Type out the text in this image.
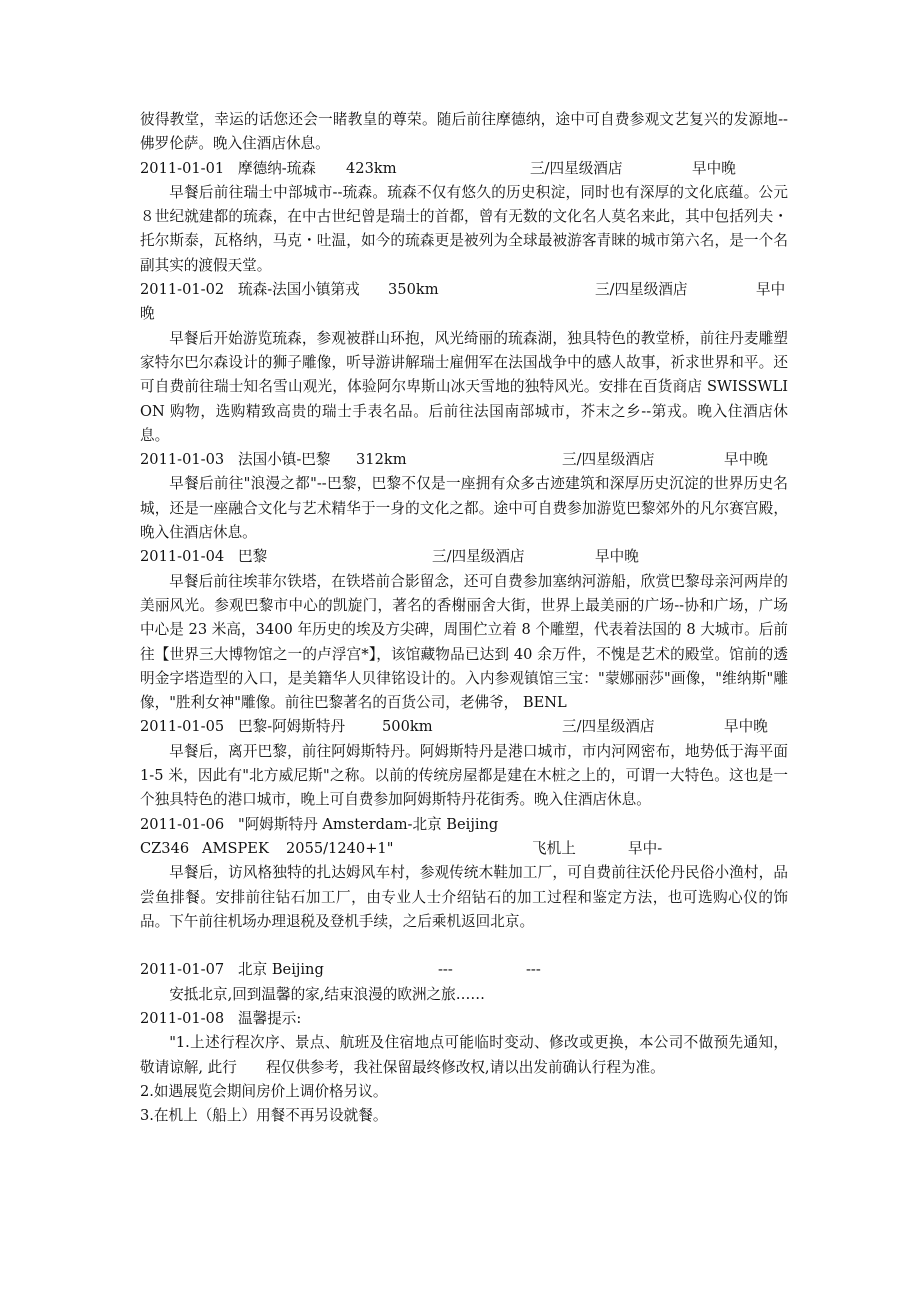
彼得教堂，幸运的话您还会一睹教皇的尊荣。随后前往摩德纳，途中可自费参观文艺复兴的发源地--佛罗伦萨。晚入住酒店休息。

2011-01-01 摩德纳-琉森 423km	三/四星级酒店	早中晚

早餐后前往瑞士中部城市--琉森。琉森不仅有悠久的历史积淀，同时也有深厚的文化底蕴。公元８世纪就建都的琉森，在中古世纪曾是瑞士的首都，曾有无数的文化名人莫名来此，其中包括列夫・托尔斯泰，瓦格纳，马克・吐温，如今的琉森更是被列为全球最被游客青睐的城市第六名，是一个名副其实的渡假天堂。

2011-01-02 琉森-法国小镇第戎 350km	三/四星级酒店	早中
晚

早餐后开始游览琉森，参观被群山环抱，风光绮丽的琉森湖，独具特色的教堂桥，前往丹麦雕塑家特尔巴尔森设计的狮子雕像，听导游讲解瑞士雇佣军在法国战争中的感人故事，祈求世界和平。还可自费前往瑞士知名雪山观光，体验阿尔卑斯山冰天雪地的独特风光。安排在百货商店 SWISSWLION 购物，选购精致高贵的瑞士手表名品。后前往法国南部城市，芥末之乡--第戎。晚入住酒店休息。

2011-01-03 法国小镇-巴黎 312km	三/四星级酒店	早中晚

早餐后前往"浪漫之都"--巴黎，巴黎不仅是一座拥有众多古迹建筑和深厚历史沉淀的世界历史名城，还是一座融合文化与艺术精华于一身的文化之都。途中可自费参加游览巴黎郊外的凡尔赛宫殿，晚入住酒店休息。

2011-01-04 巴黎	三/四星级酒店	早中晚

早餐后前往埃菲尔铁塔，在铁塔前合影留念，还可自费参加塞纳河游船，欣赏巴黎母亲河两岸的美丽风光。参观巴黎市中心的凯旋门，著名的香榭丽舍大街，世界上最美丽的广场--协和广场，广场中心是 23 米高，3400 年历史的埃及方尖碑，周围伫立着 8 个雕塑，代表着法国的 8 大城市。后前往【世界三大博物馆之一的卢浮宫*】，该馆藏物品已达到 40 余万件，不愧是艺术的殿堂。馆前的透明金字塔造型的入口，是美籍华人贝律铭设计的。入内参观镇馆三宝："蒙娜丽莎"画像，"维纳斯"雕像，"胜利女神"雕像。前往巴黎著名的百货公司，老佛爷， BENL

2011-01-05 巴黎-阿姆斯特丹	500km	三/四星级酒店	早中晚

早餐后，离开巴黎，前往阿姆斯特丹。阿姆斯特丹是港口城市，市内河网密布，地势低于海平面 1-5 米，因此有"北方威尼斯"之称。以前的传统房屋都是建在木桩之上的，可谓一大特色。这也是一个独具特色的港口城市，晚上可自费参加阿姆斯特丹花街秀。晚入住酒店休息。

2011-01-06 "阿姆斯特丹 Amsterdam-北京 Beijing
CZ346 AMSPEK 2055/1240+1"	飞机上	早中-

早餐后，访风格独特的扎达姆风车村，参观传统木鞋加工厂，可自费前往沃伦丹民俗小渔村，品尝鱼排餐。安排前往钻石加工厂，由专业人士介绍钻石的加工过程和鉴定方法，也可选购心仪的饰品。下午前往机场办理退税及登机手续，之后乘机返回北京。

2011-01-07 北京 Beijing	---	---

安抵北京,回到温馨的家,结束浪漫的欧洲之旅……

2011-01-08 温馨提示:

"1.上述行程次序、景点、航班及住宿地点可能临时变动、修改或更换，本公司不做预先通知，敬请谅解, 此行　　程仅供参考，我社保留最终修改权,请以出发前确认行程为准。

2.如遇展览会期间房价上调价格另议。

3.在机上（船上）用餐不再另设就餐。
